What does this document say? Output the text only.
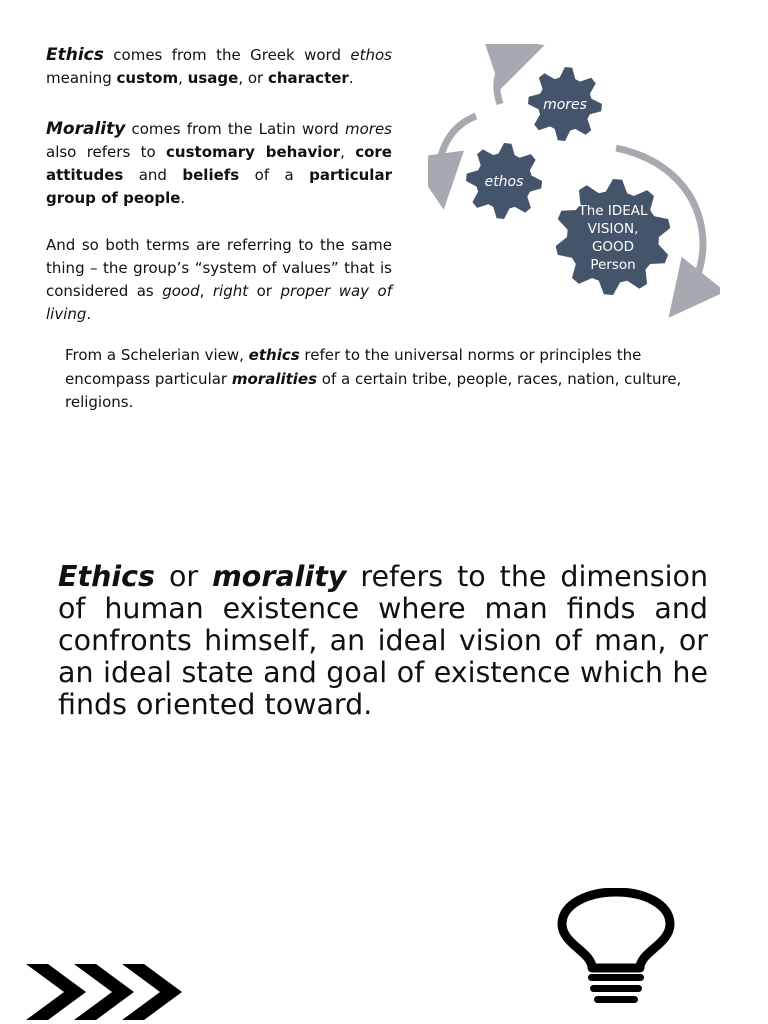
Ethics comes from the Greek word ethos meaning custom, usage, or character.

Morality comes from the Latin word mores also refers to customary behavior, core attitudes and beliefs of a particular group of people.

And so both terms are referring to the same thing – the group’s “system of values” that is considered as good, right or proper way of living.

From a Schelerian view, ethics refer to the universal norms or principles the encompass particular moralities of a certain tribe, people, races, nation, culture, religions.

mores
ethos
The IDEAL
VISION,
GOOD
Person

Ethics or morality refers to the dimension of human existence where man finds and confronts himself, an ideal vision of man, or an ideal state and goal of existence which he finds oriented toward.
